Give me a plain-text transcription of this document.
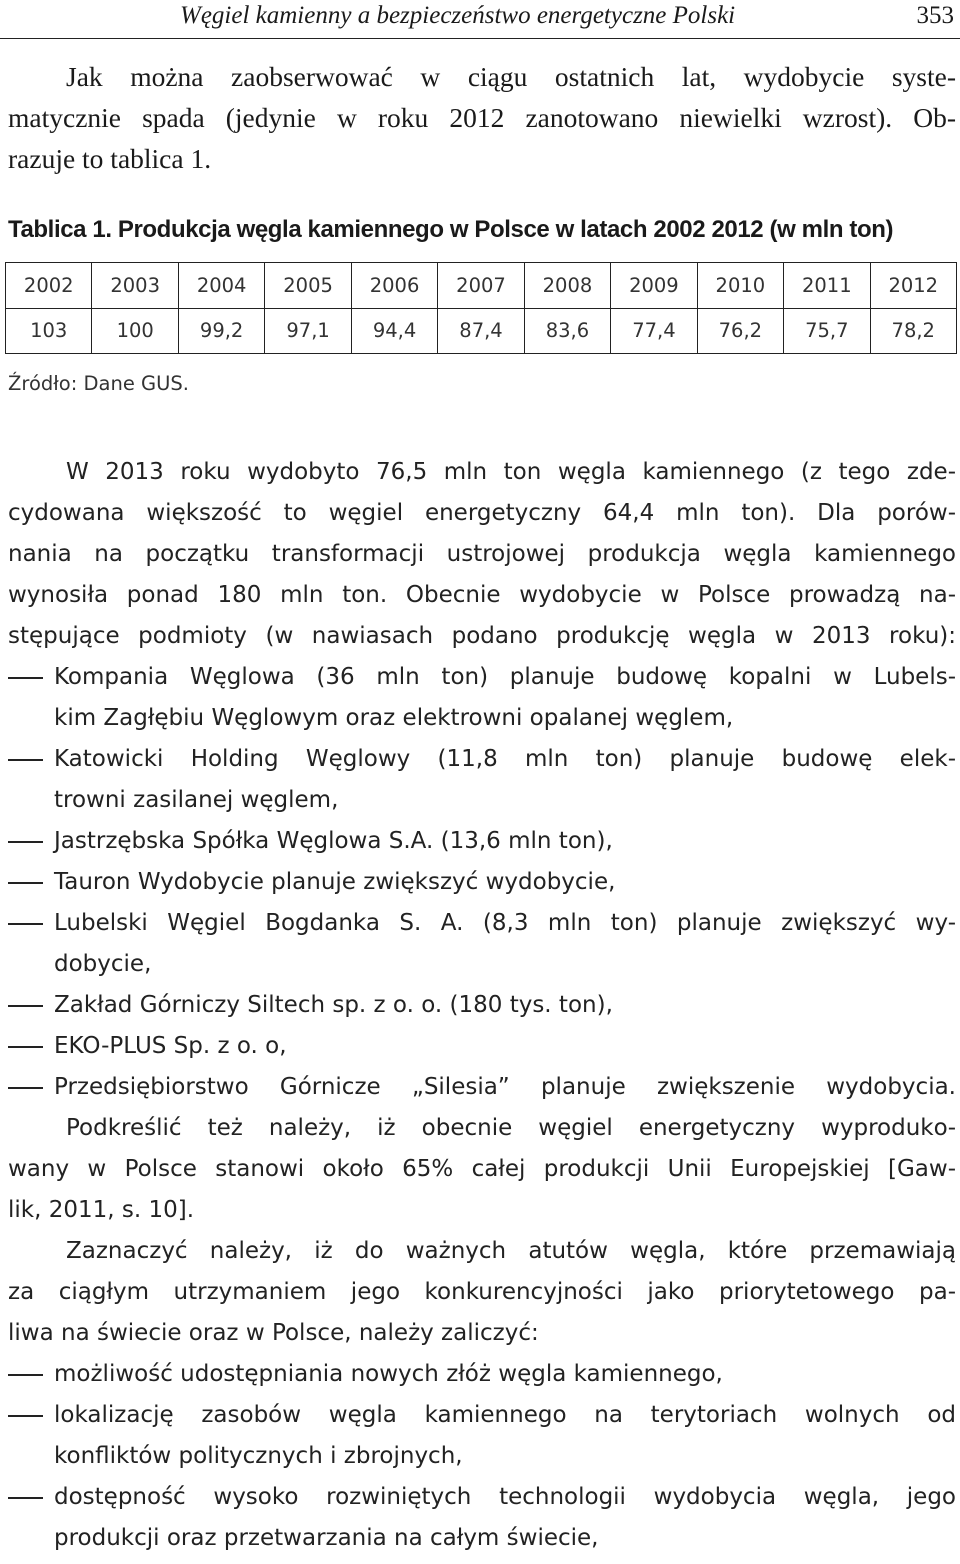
Węgiel kamienny a bezpieczeństwo energetyczne Polski	353
Jak można zaobserwować w ciągu ostatnich lat, wydobycie syste-
matycznie spada (jedynie w roku 2012 zanotowano niewielki wzrost). Ob-
razuje to tablica 1.
Tablica 1. Produkcja węgla kamiennego w Polsce w latach 2002 2012 (w mln ton)
2002	2003	2004	2005	2006	2007	2008	2009	2010	2011	2012
103	100	99,2	97,1	94,4	87,4	83,6	77,4	76,2	75,7	78,2
Źródło: Dane GUS.
W 2013 roku wydobyto 76,5 mln ton węgla kamiennego (z tego zde-
cydowana większość to węgiel energetyczny 64,4 mln ton). Dla porów-
nania na początku transformacji ustrojowej produkcja węgla kamiennego
wynosiła ponad 180 mln ton. Obecnie wydobycie w Polsce prowadzą na-
stępujące podmioty (w nawiasach podano produkcję węgla w 2013 roku):
Kompania Węglowa (36 mln ton) planuje budowę kopalni w Lubels-
kim Zagłębiu Węglowym oraz elektrowni opalanej węglem,
Katowicki Holding Węglowy (11,8 mln ton) planuje budowę elek-
trowni zasilanej węglem,
Jastrzębska Spółka Węglowa S.A. (13,6 mln ton),
Tauron Wydobycie planuje zwiększyć wydobycie,
Lubelski Węgiel Bogdanka S. A. (8,3 mln ton) planuje zwiększyć wy-
dobycie,
Zakład Górniczy Siltech sp. z o. o. (180 tys. ton),
EKO-PLUS Sp. z o. o,
Przedsiębiorstwo Górnicze „Silesia” planuje zwiększenie wydobycia.
Podkreślić też należy, iż obecnie węgiel energetyczny wyprodukо-
wany w Polsce stanowi około 65% całej produkcji Unii Europejskiej [Gaw-
lik, 2011, s. 10].
Zaznaczyć należy, iż do ważnych atutów węgla, które przemawiają
za ciągłym utrzymaniem jego konkurencyjności jako priorytetowego pa-
liwa na świecie oraz w Polsce, należy zaliczyć:
możliwość udostępniania nowych złóż węgla kamiennego,
lokalizację zasobów węgla kamiennego na terytoriach wolnych od
konfliktów politycznych i zbrojnych,
dostępność wysoko rozwiniętych technologii wydobycia węgla, jego
produkcji oraz przetwarzania na całym świecie,
